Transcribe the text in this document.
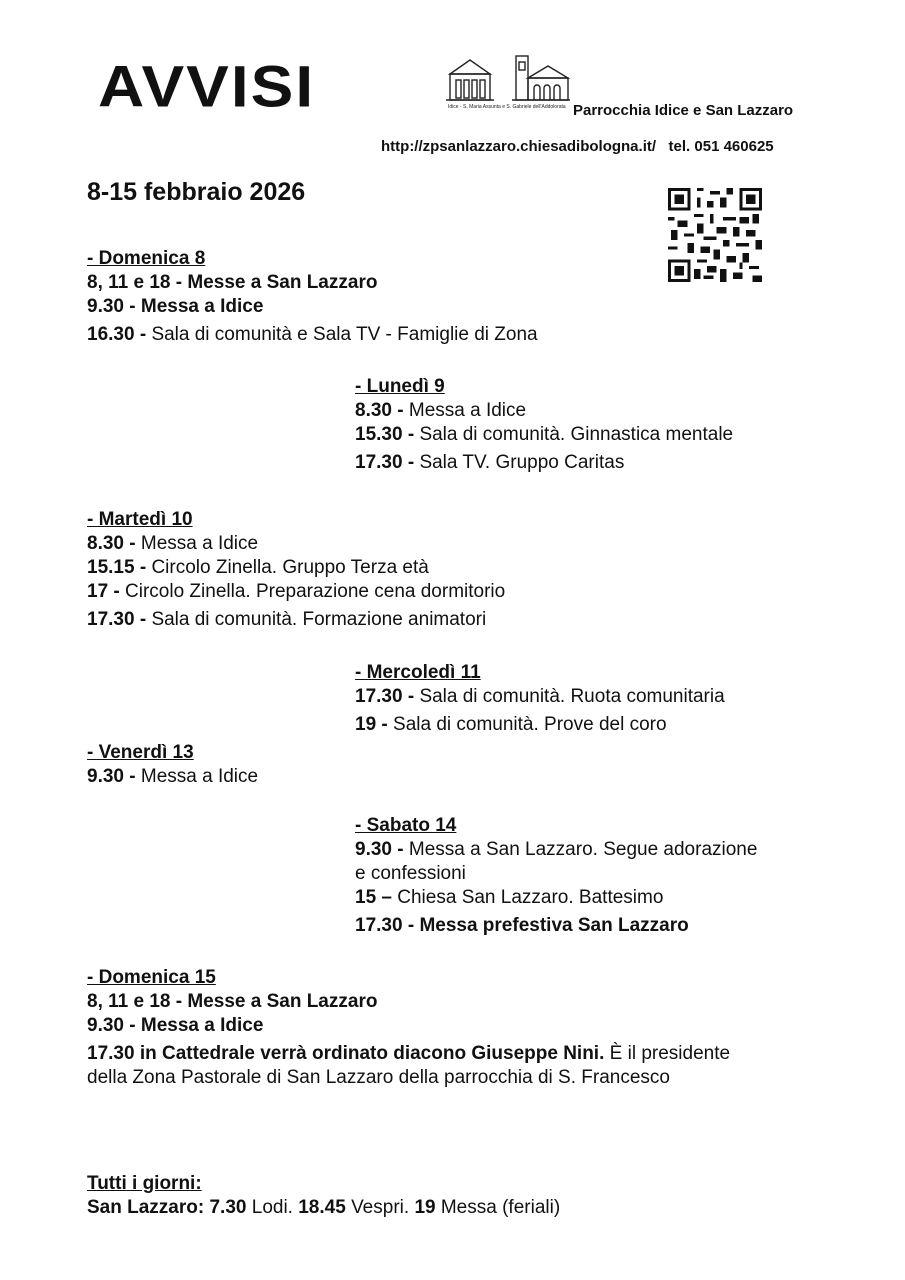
AVVISI	Idice - S. Maria Assunta e S. Gabriele dell'Addolorata Parrocchia Idice e San Lazzaro
http://zpsanlazzaro.chiesadibologna.it/ tel. 051 460625
8-15 febbraio 2026
- Domenica 8
8, 11 e 18 - Messe a San Lazzaro
9.30 - Messa a Idice
16.30 - Sala di comunità e Sala TV - Famiglie di Zona
- Lunedì 9
8.30 - Messa a Idice
15.30 - Sala di comunità. Ginnastica mentale
17.30 - Sala TV. Gruppo Caritas
- Martedì 10
8.30 - Messa a Idice
15.15 - Circolo Zinella. Gruppo Terza età
17 - Circolo Zinella. Preparazione cena dormitorio
17.30 - Sala di comunità. Formazione animatori
- Mercoledì 11
17.30 - Sala di comunità. Ruota comunitaria
19 - Sala di comunità. Prove del coro
- Venerdì 13
9.30 - Messa a Idice
- Sabato 14
9.30 - Messa a San Lazzaro. Segue adorazione
e confessioni
15 – Chiesa San Lazzaro. Battesimo
17.30 - Messa prefestiva San Lazzaro
- Domenica 15
8, 11 e 18 - Messe a San Lazzaro
9.30 - Messa a Idice
17.30 in Cattedrale verrà ordinato diacono Giuseppe Nini. È il presidente
della Zona Pastorale di San Lazzaro della parrocchia di S. Francesco
Tutti i giorni:
San Lazzaro: 7.30 Lodi. 18.45 Vespri. 19 Messa (feriali)
